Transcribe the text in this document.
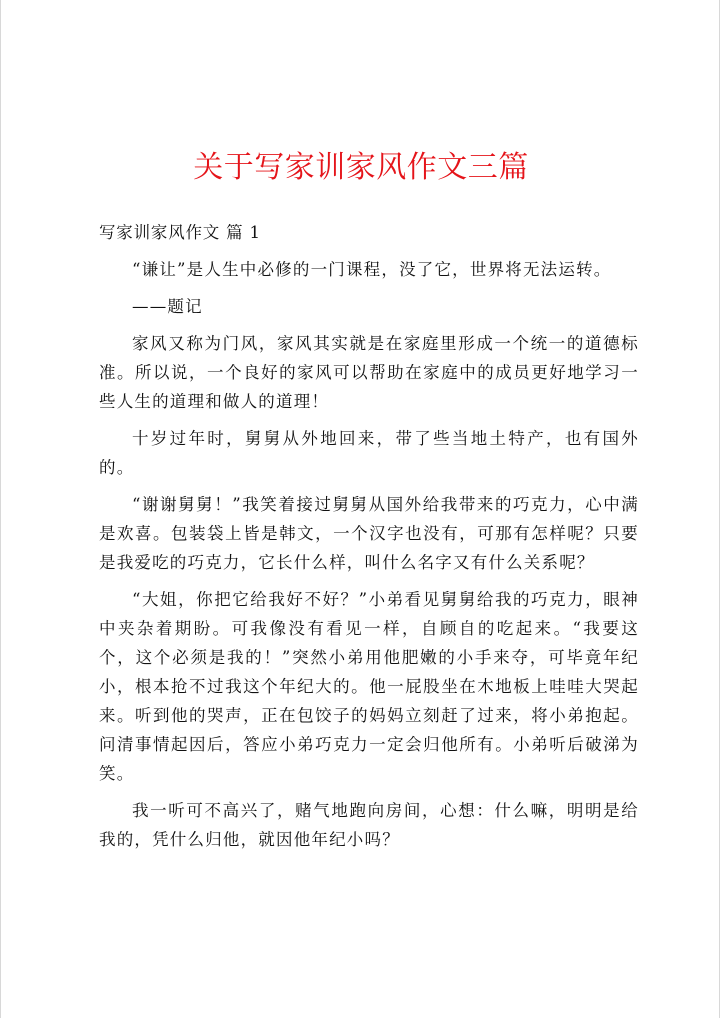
关于写家训家风作文三篇
写家训家风作文 篇 1

“谦让”是人生中必修的一门课程，没了它，世界将无法运转。

——题记

家风又称为门风，家风其实就是在家庭里形成一个统一的道德标准。所以说，一个良好的家风可以帮助在家庭中的成员更好地学习一些人生的道理和做人的道理！

十岁过年时，舅舅从外地回来，带了些当地土特产，也有国外的。

“谢谢舅舅！”我笑着接过舅舅从国外给我带来的巧克力，心中满是欢喜。包装袋上皆是韩文，一个汉字也没有，可那有怎样呢？只要是我爱吃的巧克力，它长什么样，叫什么名字又有什么关系呢？

“大姐，你把它给我好不好？”小弟看见舅舅给我的巧克力，眼神中夹杂着期盼。可我像没有看见一样，自顾自的吃起来。“我要这个，这个必须是我的！”突然小弟用他肥嫩的小手来夺，可毕竟年纪小，根本抢不过我这个年纪大的。他一屁股坐在木地板上哇哇大哭起来。听到他的哭声，正在包饺子的妈妈立刻赶了过来，将小弟抱起。问清事情起因后，答应小弟巧克力一定会归他所有。小弟听后破涕为笑。

我一听可不高兴了，赌气地跑向房间，心想：什么嘛，明明是给我的，凭什么归他，就因他年纪小吗？
